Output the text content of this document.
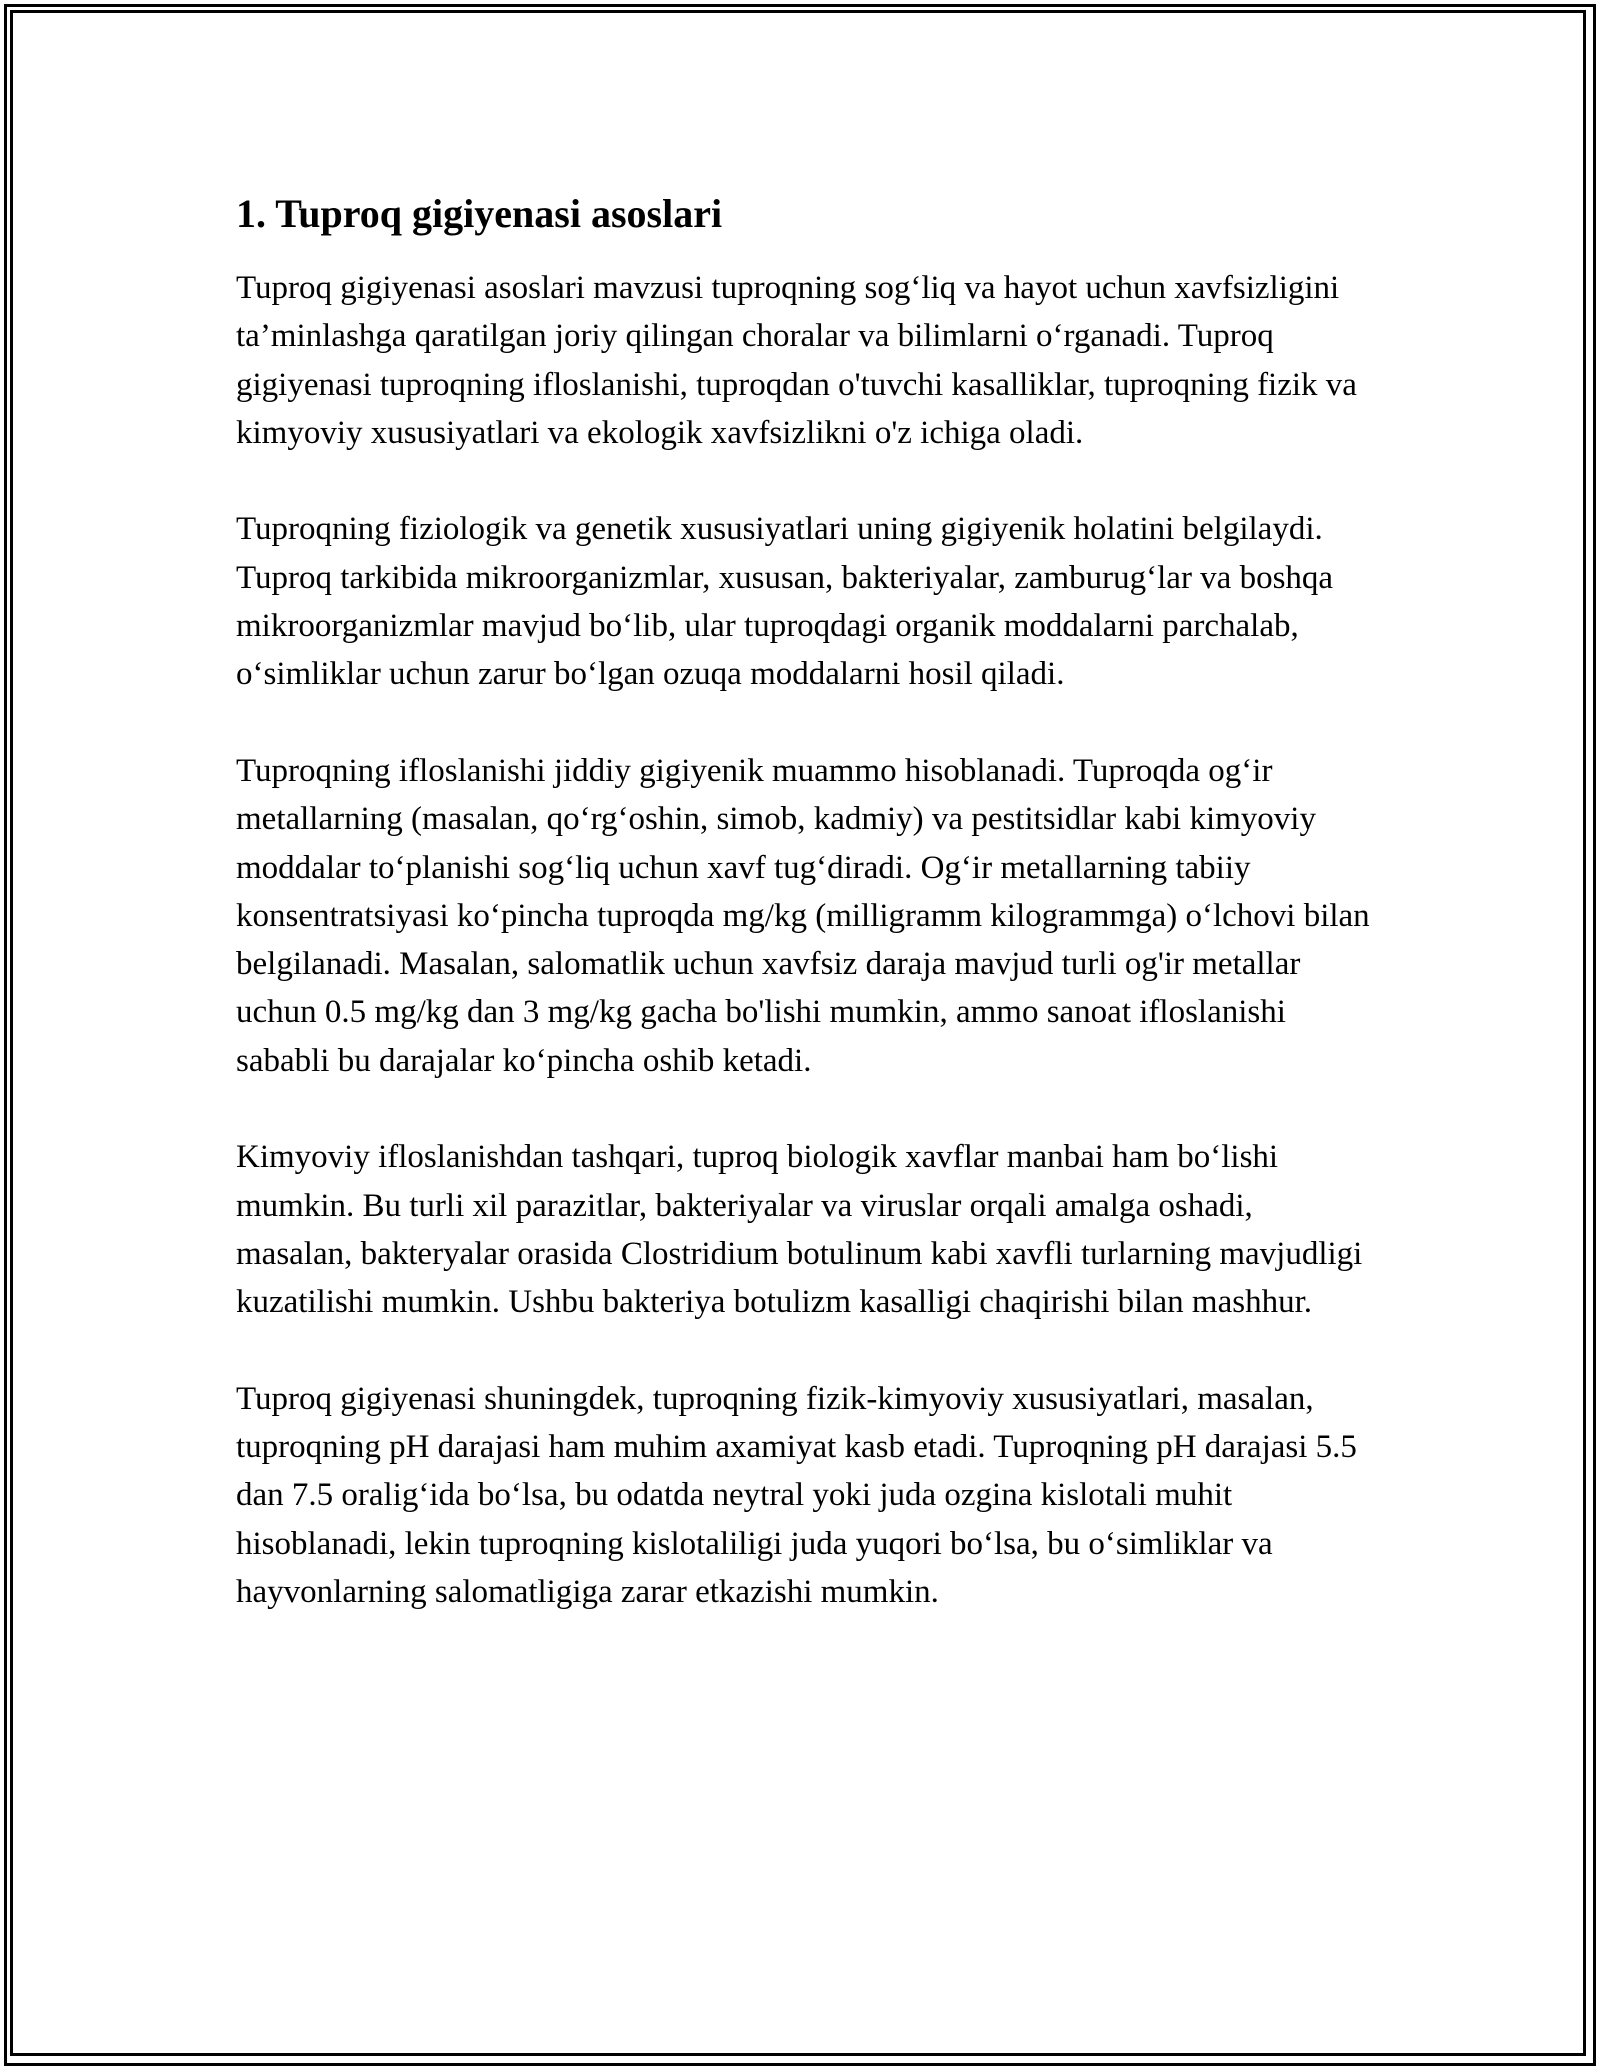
1. Tuproq gigiyenasi asoslari

Tuproq gigiyenasi asoslari mavzusi tuproqning sog‘liq va hayot uchun xavfsizligini ta’minlashga qaratilgan joriy qilingan choralar va bilimlarni o‘rganadi. Tuproq gigiyenasi tuproqning ifloslanishi, tuproqdan o'tuvchi kasalliklar, tuproqning fizik va kimyoviy xususiyatlari va ekologik xavfsizlikni o'z ichiga oladi.

Tuproqning fiziologik va genetik xususiyatlari uning gigiyenik holatini belgilaydi. Tuproq tarkibida mikroorganizmlar, xususan, bakteriyalar, zamburug‘lar va boshqa mikroorganizmlar mavjud bo‘lib, ular tuproqdagi organik moddalarni parchalab, o‘simliklar uchun zarur bo‘lgan ozuqa moddalarni hosil qiladi.

Tuproqning ifloslanishi jiddiy gigiyenik muammo hisoblanadi. Tuproqda og‘ir metallarning (masalan, qo‘rg‘oshin, simob, kadmiy) va pestitsidlar kabi kimyoviy moddalar to‘planishi sog‘liq uchun xavf tug‘diradi. Og‘ir metallarning tabiiy konsentratsiyasi ko‘pincha tuproqda mg/kg (milligramm kilogrammga) o‘lchovi bilan belgilanadi. Masalan, salomatlik uchun xavfsiz daraja mavjud turli og'ir metallar uchun 0.5 mg/kg dan 3 mg/kg gacha bo'lishi mumkin, ammo sanoat ifloslanishi sababli bu darajalar ko‘pincha oshib ketadi.

Kimyoviy ifloslanishdan tashqari, tuproq biologik xavflar manbai ham bo‘lishi mumkin. Bu turli xil parazitlar, bakteriyalar va viruslar orqali amalga oshadi, masalan, bakteryalar orasida Clostridium botulinum kabi xavfli turlarning mavjudligi kuzatilishi mumkin. Ushbu bakteriya botulizm kasalligi chaqirishi bilan mashhur.

Tuproq gigiyenasi shuningdek, tuproqning fizik-kimyoviy xususiyatlari, masalan, tuproqning pH darajasi ham muhim axamiyat kasb etadi. Tuproqning pH darajasi 5.5 dan 7.5 oralig‘ida bo‘lsa, bu odatda neytral yoki juda ozgina kislotali muhit hisoblanadi, lekin tuproqning kislotaliligi juda yuqori bo‘lsa, bu o‘simliklar va hayvonlarning salomatligiga zarar etkazishi mumkin.
